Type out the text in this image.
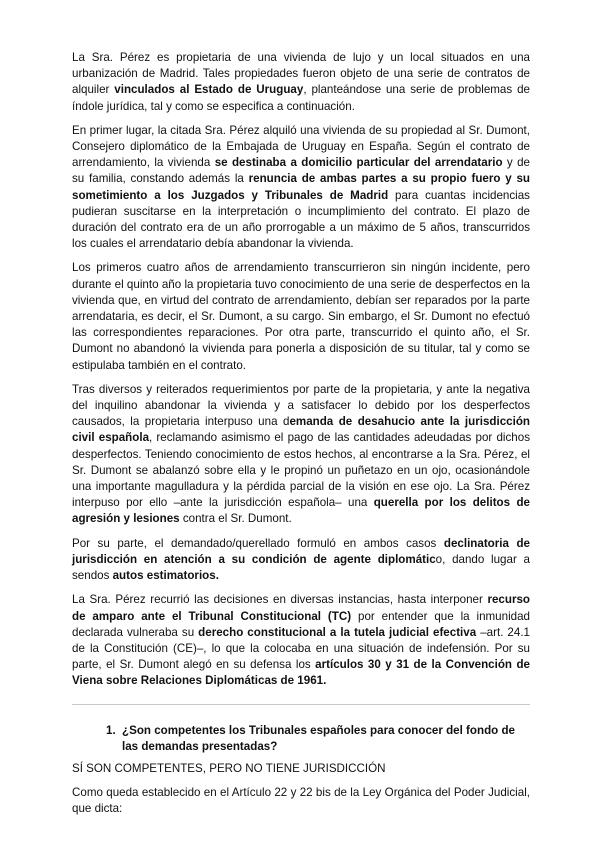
La Sra. Pérez es propietaria de una vivienda de lujo y un local situados en una urbanización de Madrid. Tales propiedades fueron objeto de una serie de contratos de alquiler vinculados al Estado de Uruguay, planteándose una serie de problemas de índole jurídica, tal y como se especifica a continuación.

En primer lugar, la citada Sra. Pérez alquiló una vivienda de su propiedad al Sr. Dumont, Consejero diplomático de la Embajada de Uruguay en España. Según el contrato de arrendamiento, la vivienda se destinaba a domicilio particular del arrendatario y de su familia, constando además la renuncia de ambas partes a su propio fuero y su sometimiento a los Juzgados y Tribunales de Madrid para cuantas incidencias pudieran suscitarse en la interpretación o incumplimiento del contrato. El plazo de duración del contrato era de un año prorrogable a un máximo de 5 años, transcurridos los cuales el arrendatario debía abandonar la vivienda.

Los primeros cuatro años de arrendamiento transcurrieron sin ningún incidente, pero durante el quinto año la propietaria tuvo conocimiento de una serie de desperfectos en la vivienda que, en virtud del contrato de arrendamiento, debían ser reparados por la parte arrendataria, es decir, el Sr. Dumont, a su cargo. Sin embargo, el Sr. Dumont no efectuó las correspondientes reparaciones. Por otra parte, transcurrido el quinto año, el Sr. Dumont no abandonó la vivienda para ponerla a disposición de su titular, tal y como se estipulaba también en el contrato.

Tras diversos y reiterados requerimientos por parte de la propietaria, y ante la negativa del inquilino abandonar la vivienda y a satisfacer lo debido por los desperfectos causados, la propietaria interpuso una demanda de desahucio ante la jurisdicción civil española, reclamando asimismo el pago de las cantidades adeudadas por dichos desperfectos. Teniendo conocimiento de estos hechos, al encontrarse a la Sra. Pérez, el Sr. Dumont se abalanzó sobre ella y le propinó un puñetazo en un ojo, ocasionándole una importante magulladura y la pérdida parcial de la visión en ese ojo. La Sra. Pérez interpuso por ello –ante la jurisdicción española– una querella por los delitos de agresión y lesiones contra el Sr. Dumont.

Por su parte, el demandado/querellado formuló en ambos casos declinatoria de jurisdicción en atención a su condición de agente diplomático, dando lugar a sendos autos estimatorios.

La Sra. Pérez recurrió las decisiones en diversas instancias, hasta interponer recurso de amparo ante el Tribunal Constitucional (TC) por entender que la inmunidad declarada vulneraba su derecho constitucional a la tutela judicial efectiva –art. 24.1 de la Constitución (CE)–, lo que la colocaba en una situación de indefensión. Por su parte, el Sr. Dumont alegó en su defensa los artículos 30 y 31 de la Convención de Viena sobre Relaciones Diplomáticas de 1961.

1. ¿Son competentes los Tribunales españoles para conocer del fondo de las demandas presentadas?

SÍ SON COMPETENTES, PERO NO TIENE JURISDICCIÓN

Como queda establecido en el Artículo 22 y 22 bis de la Ley Orgánica del Poder Judicial, que dicta:
